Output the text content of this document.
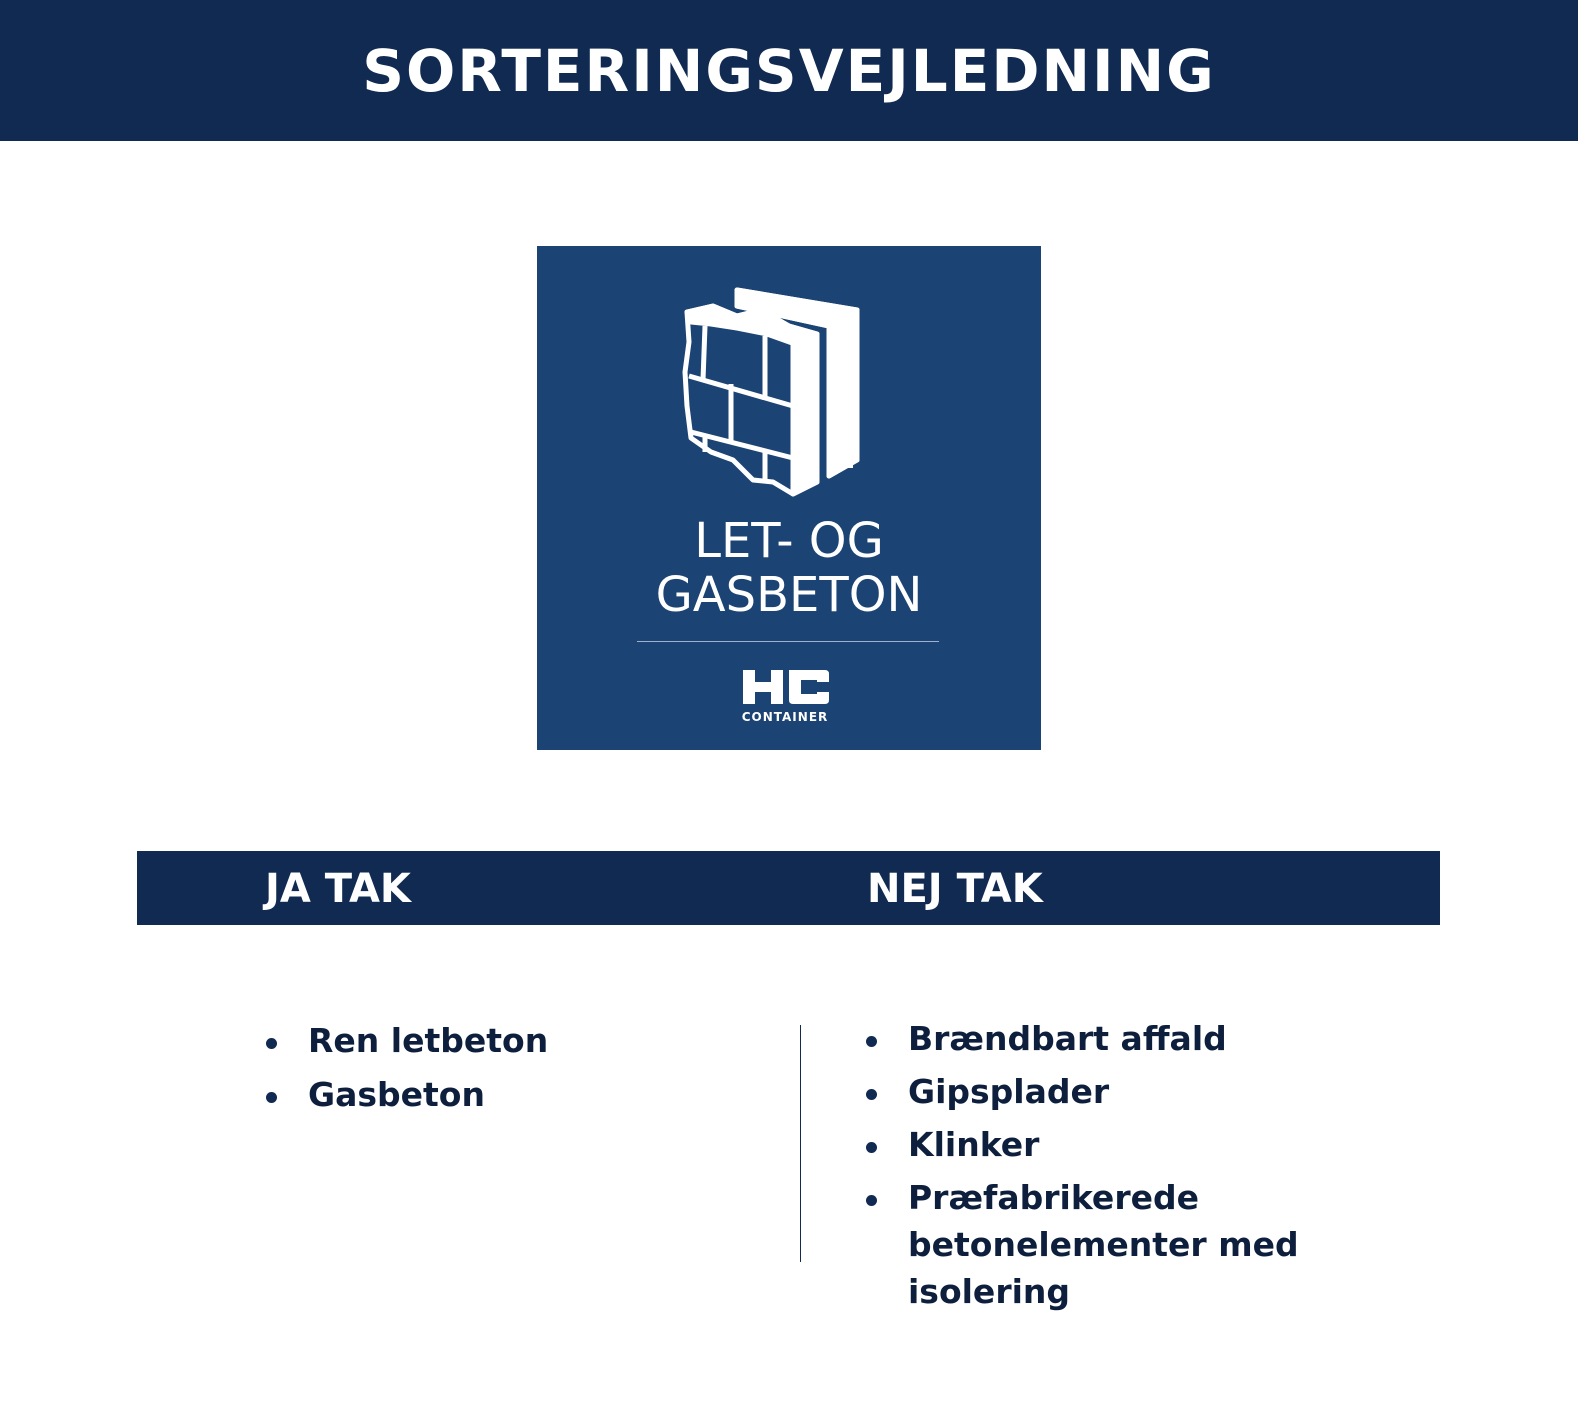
SORTERINGSVEJLEDNING
LET- OG
GASBETON
CONTAINER
JA TAK	NEJ TAK
Ren letbeton
Gasbeton
Brændbart affald
Gipsplader
Klinker
Præfabrikerede betonelementer med isolering
